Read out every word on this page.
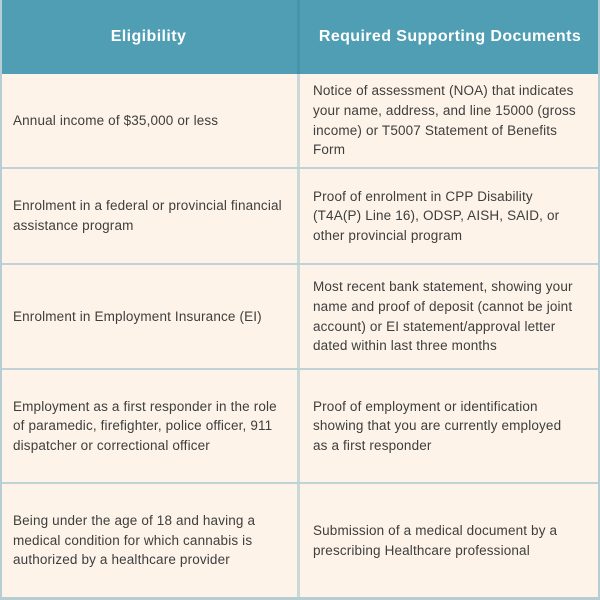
Eligibility	Required Supporting Documents
Annual income of $35,000 or less
Notice of assessment (NOA) that indicates your name, address, and line 15000 (gross income) or T5007 Statement of Benefits Form
Enrolment in a federal or provincial financial assistance program
Proof of enrolment in CPP Disability (T4A(P) Line 16), ODSP, AISH, SAID, or other provincial program
Enrolment in Employment Insurance (EI)
Most recent bank statement, showing your name and proof of deposit (cannot be joint account) or EI statement/approval letter dated within last three months
Employment as a first responder in the role of paramedic, firefighter, police officer, 911 dispatcher or correctional officer
Proof of employment or identification showing that you are currently employed as a first responder
Being under the age of 18 and having a medical condition for which cannabis is authorized by a healthcare provider
Submission of a medical document by a prescribing Healthcare professional
